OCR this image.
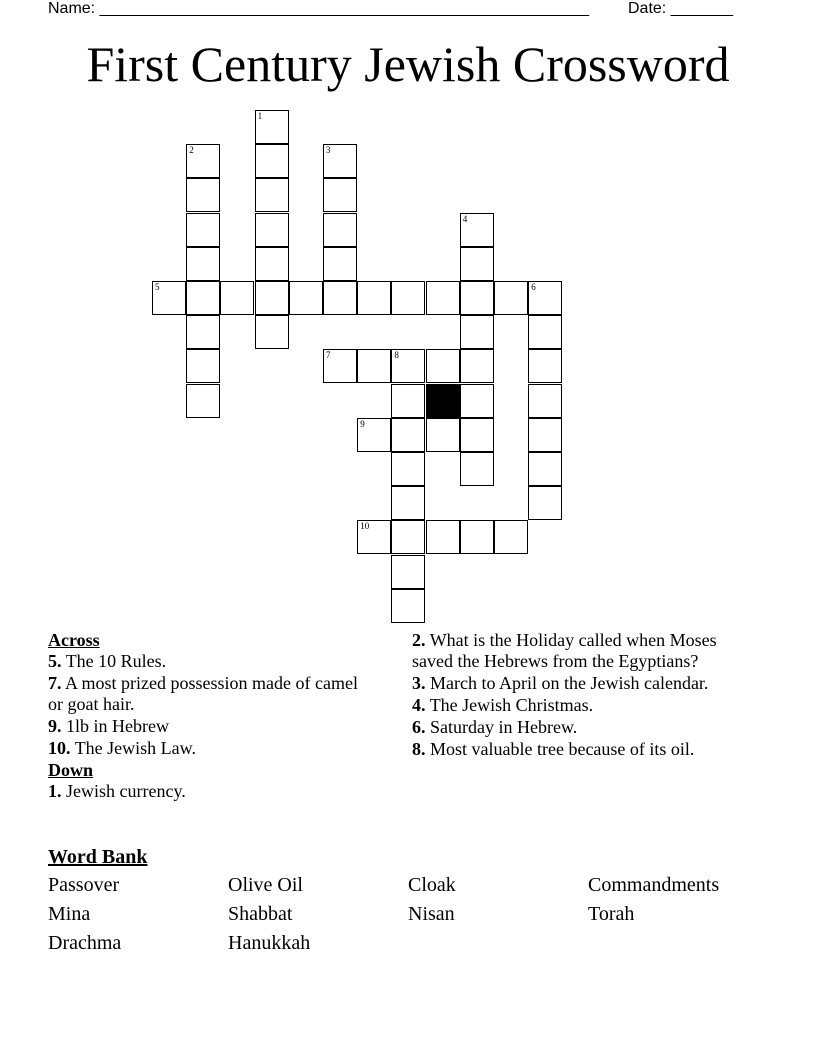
Name: _______________________________________________________ Date: _______
First Century Jewish Crossword
1
2	3
4
5	6
7	8
9
10
Across
5. The 10 Rules.
7. A most prized possession made of camel or goat hair.
9. 1lb in Hebrew
10. The Jewish Law.
Down
1. Jewish currency.
2. What is the Holiday called when Moses saved the Hebrews from the Egyptians?
3. March to April on the Jewish calendar.
4. The Jewish Christmas.
6. Saturday in Hebrew.
8. Most valuable tree because of its oil.
Word Bank
Passover	Olive Oil	Cloak	Commandments
Mina	Shabbat	Nisan	Torah
Drachma	Hanukkah
